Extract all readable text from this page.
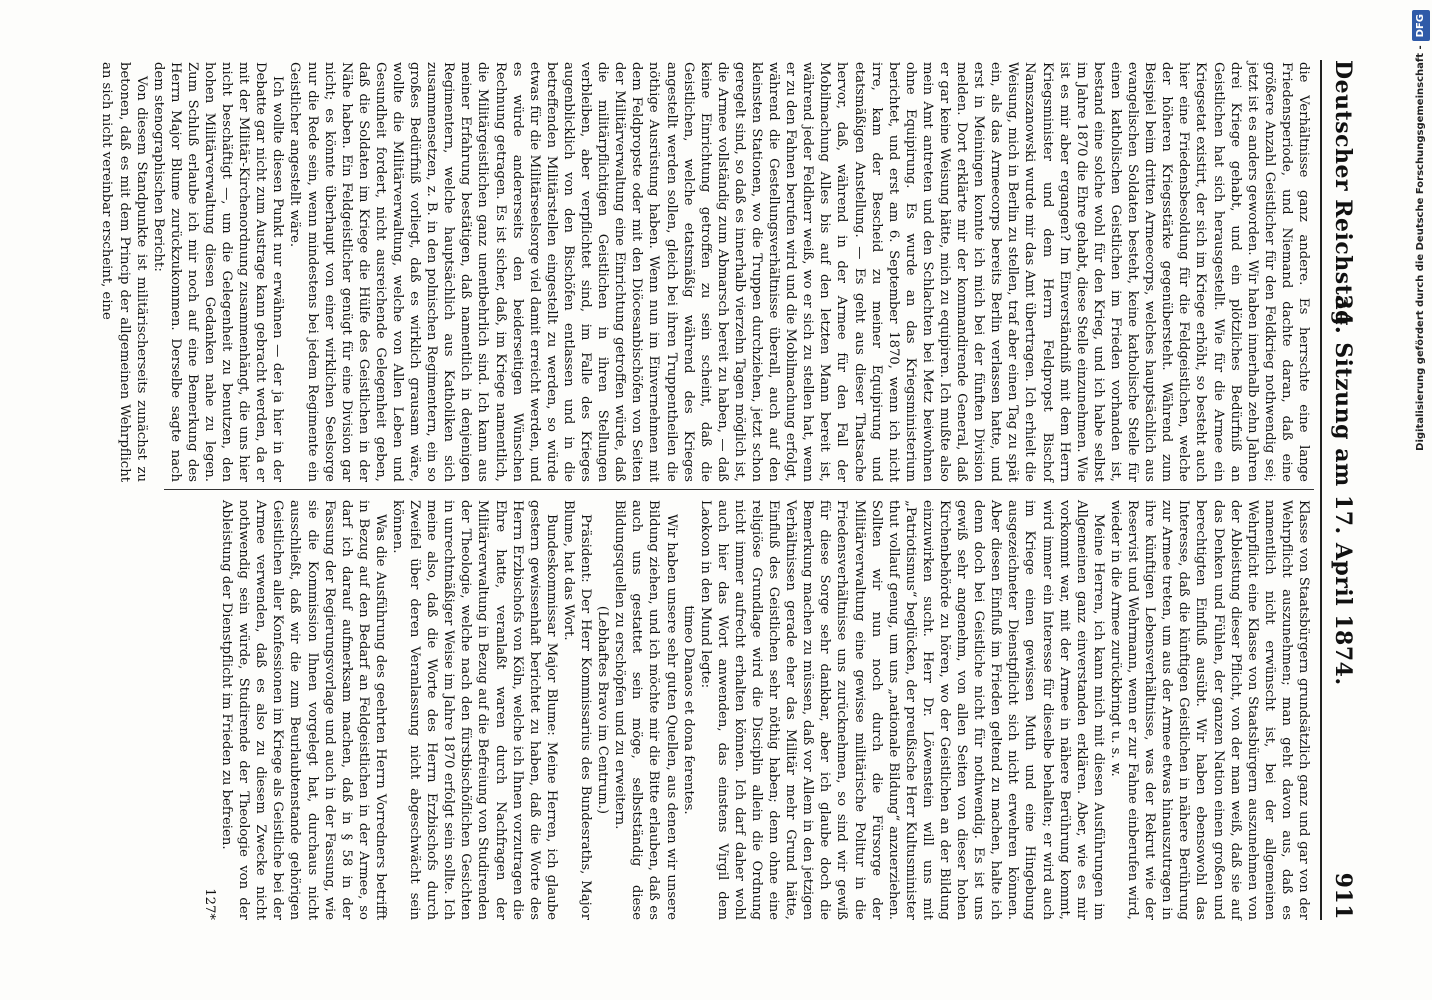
Deutscher Reichstag.
34. Sitzung am 17. April 1874.
911

die Verhältnisse ganz andere. Es herrschte eine lange Friedensperiode, und Niemand dachte daran, daß eine größere Anzahl Geistlicher für den Feldkrieg nothwendig sei; jetzt ist es anders geworden. Wir haben innerhalb zehn Jahren drei Kriege gehabt, und ein plötzliches Bedürfniß an Geistlichen hat sich herausgestellt. Wie für die Armee ein Kriegsetat existirt, der sich im Kriege erhöht, so besteht auch hier eine Friedensbesoldung für die Feldgeistlichen, welche der höheren Kriegsstärke gegenübersteht. Während zum Beispiel beim dritten Armeecorps, welches hauptsächlich aus evangelischen Soldaten besteht, keine katholische Stelle für einen katholischen Geistlichen im Frieden vorhanden ist, bestand eine solche wohl für den Krieg, und ich habe selbst im Jahre 1870 die Ehre gehabt, diese Stelle einzunehmen. Wie ist es mir aber ergangen? Im Einverständniß mit dem Herrn Kriegsminister und dem Herrn Feldpropst Bischof Namszanowski wurde mir das Amt übertragen. Ich erhielt die Weisung, mich in Berlin zu stellen, traf aber einen Tag zu spät ein, als das Armeecorps bereits Berlin verlassen hatte, und erst in Meiningen konnte ich mich bei der fünften Division melden. Dort erklärte mir der kommandirende General, daß er gar keine Weisung hätte, mich zu equipiren. Ich mußte also mein Amt antreten und den Schlachten bei Metz beiwohnen ohne Equipirung. Es wurde an das Kriegsministerium berichtet, und erst am 6. September 1870, wenn ich nicht irre, kam der Bescheid zu meiner Equipirung und etatsmäßigen Anstellung. — Es geht aus dieser Thatsache hervor, daß, während in der Armee für den Fall der Mobilmachung Alles bis auf den letzten Mann bereit ist, während jeder Feldherr weiß, wo er sich zu stellen hat, wenn er zu den Fahnen berufen wird und die Mobilmachung erfolgt, während die Gestellungsverhältnisse überall, auch auf den kleinsten Stationen, wo die Truppen durchziehen, jetzt schon geregelt sind, so daß es innerhalb vierzehn Tagen möglich ist, die Armee vollständig zum Abmarsch bereit zu haben, — daß keine Einrichtung getroffen zu sein scheint, daß die Geistlichen, welche etatsmäßig während des Krieges angestellt werden sollen, gleich bei ihren Truppentheilen die nöthige Ausrüstung haben. Wenn nun im Einvernehmen mit dem Feldpropste oder mit den Diöcesanbischöfen von Seiten der Militärverwaltung eine Einrichtung getroffen würde, daß die militärpflichtigen Geistlichen in ihren Stellungen verbleiben, aber verpflichtet sind, im Falle des Krieges augenblicklich von den Bischöfen entlassen und in die betreffenden Militärstellen eingestellt zu werden, so würde etwas für die Militärseelsorge viel damit erreicht werden, und es würde andererseits den beiderseitigen Wünschen Rechnung getragen. Es ist sicher, daß, im Kriege namentlich, die Militärgeistlichen ganz unentbehrlich sind. Ich kann aus meiner Erfahrung bestätigen, daß namentlich in denjenigen Regimentern, welche hauptsächlich aus Katholiken sich zusammensetzen, z. B. in den polnischen Regimentern, ein so großes Bedürfniß vorliegt, daß es wirklich grausam wäre, wollte die Militärverwaltung, welche von Allen Leben und Gesundheit fordert, nicht ausreichende Gelegenheit geben, daß die Soldaten im Kriege die Hülfe des Geistlichen in der Nähe haben. Ein Feldgeistlicher genügt für eine Division gar nicht; es könnte überhaupt von einer wirklichen Seelsorge nur die Rede sein, wenn mindestens bei jedem Regimente ein Geistlicher angestellt wäre.

Ich wollte diesen Punkt nur erwähnen — der ja hier in der Debatte gar nicht zum Austrage kann gebracht werden, da er mit der Militär-Kirchenordnung zusammenhängt, die uns hier nicht beschäftigt —, um die Gelegenheit zu benutzen, den hohen Militärverwaltung diesen Gedanken nahe zu legen. Zum Schluß erlaube ich mir noch auf eine Bemerkung des Herrn Major Blume zurückzukommen. Derselbe sagte nach dem stenographischen Bericht:

Von diesem Standpunkte ist militärischerseits zunächst zu betonen, daß es mit dem Princip der allgemeinen Wehrpflicht an sich nicht vereinbar erscheint, eine

Klasse von Staatsbürgern grundsätzlich ganz und gar von der Wehrpflicht auszunehmen; man geht davon aus, daß es namentlich nicht erwünscht ist, bei der allgemeinen Wehrpflicht eine Klasse von Staatsbürgern auszunehmen von der Ableistung dieser Pflicht, von der man weiß, daß sie auf das Denken und Fühlen, der ganzen Nation einen großen und berechtigten Einfluß ausübt. Wir haben ebensowohl das Interesse, daß die künftigen Geistlichen in nähere Berührung zur Armee treten, um aus der Armee etwas hinauszutragen in ihre künftigen Lebensverhältnisse, was der Rekrut wie der Reservist und Wehrmann, wenn er zur Fahne einberufen wird, wieder in die Armee zurückbringt u. s. w.

Meine Herren, ich kann mich mit diesen Ausführungen im Allgemeinen ganz einverstanden erklären. Aber, wie es mir vorkommt war, mit der Armee in nähere Berührung kommt, wird immer ein Interesse für dieselbe behalten; er wird auch im Kriege einen gewissen Muth und eine Hingebung ausgezeichneter Dienstpflicht sich nicht erwehren können. Aber diesen Einfluß im Frieden geltend zu machen, halte ich denn doch bei Geistliche nicht für nothwendig. Es ist uns gewiß sehr angenehm, von allen Seiten von dieser hohen Kirchenbehörde zu hören, wo der Geistlichen an der Bildung einzuwirken sucht. Herr Dr. Löwenstein will uns mit „Patriotismus“ beglücken, der preußische Herr Kultusminister thut vollauf genug, um uns „nationale Bildung“ anzuerziehen. Sollten wir nun noch durch die Fürsorge der Militärverwaltung eine gewisse militärische Politur in die Friedensverhältnisse uns zurücknehmen, so sind wir gewiß für diese Sorge sehr dankbar, aber ich glaube doch die Bemerkung machen zu müssen, daß vor Allem in den jetzigen Verhältnissen gerade eher das Militär mehr Grund hätte, Einfluß des Geistlichen sehr nöthig haben; denn ohne eine religiöse Grundlage wird die Disciplin allein die Ordnung nicht immer aufrecht erhalten können. Ich darf daher wohl auch hier das Wort anwenden, das einstens Virgil dem Laokoon in den Mund legte:

timeo Danaos et dona ferentes.

Wir haben unsere sehr guten Quellen, aus denen wir unsere Bildung ziehen, und ich möchte mir die Bitte erlauben, daß es auch uns gestattet sein möge, selbstständig diese Bildungsquellen zu erschöpfen und zu erweitern.

(Lebhaftes Bravo im Centrum.)

Präsident: Der Herr Kommissarius des Bundesraths, Major Blume, hat das Wort.

Bundeskommissar Major Blume: Meine Herren, ich glaube gestern gewissenhaft berichtet zu haben, daß die Worte des Herrn Erzbischofs von Köln, welche ich Ihnen vorzutragen die Ehre hatte, veranlaßt waren durch Nachfragen der Militärverwaltung in Bezug auf die Befreiung von Studirenden der Theologie, welche nach den fürstbischöflichen Gesichten in unrechtmäßiger Weise im Jahre 1870 erfolgt sein sollte. Ich meine also, daß die Worte des Herrn Erzbischofs durch Zweifel über deren Veranlassung nicht abgeschwächt sein können.

Was die Ausführung des geehrten Herrn Vorredners betrifft in Bezug auf den Bedarf an Feldgeistlichen in der Armee, so darf ich darauf aufmerksam machen, daß in § 58 in der Fassung der Regierungsvorlage und auch in der Fassung, wie sie die Kommission Ihnen vorgelegt hat, durchaus nicht ausschließt, daß wir die zum Beurlaubtenstande gehörigen Geistlichen aller Konfessionen im Kriege als Geistliche bei der Armee verwenden, daß es also zu diesem Zwecke nicht nothwendig sein würde, Studirende der Theologie von der Ableistung der Dienstpflicht im Frieden zu befreien.

127*

Digitalisierung gefördert durch die Deutsche Forschungsgemeinschaft -DFG
